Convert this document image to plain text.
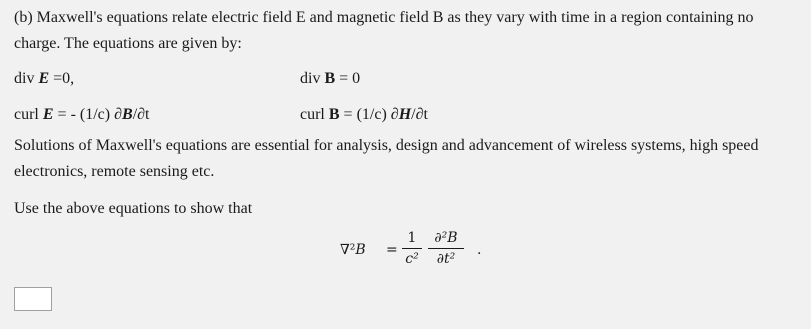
(b) Maxwell's equations relate electric field E and magnetic field B as they vary with time in a region containing no charge. The equations are given by:

div E =0,	div B = 0
curl E = - (1/c) ∂B/∂t	curl B = (1/c) ∂H/∂t

Solutions of Maxwell's equations are essential for analysis, design and advancement of wireless systems, high speed electronics, remote sensing etc.

Use the above equations to show that

$\nabla^2B = \frac{1}{\text{c²}} \frac{\text{∂²B}}{\text{∂t²}}$ .
